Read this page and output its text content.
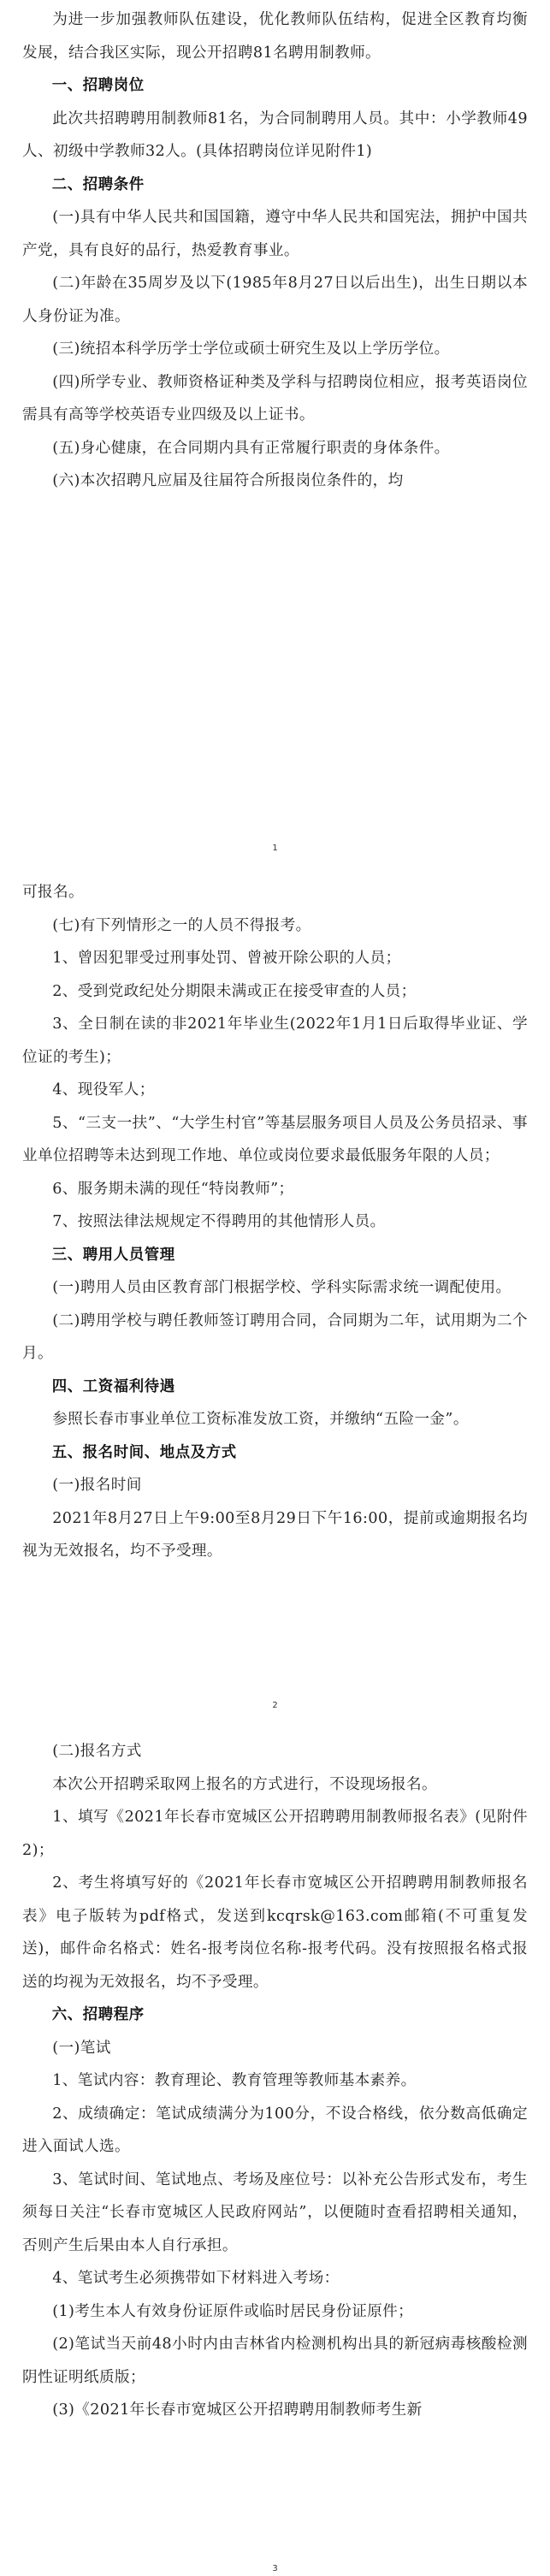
为进一步加强教师队伍建设，优化教师队伍结构，促进全区教育均衡发展，结合我区实际，现公开招聘81名聘用制教师。

一、招聘岗位

此次共招聘聘用制教师81名，为合同制聘用人员。其中：小学教师49人、初级中学教师32人。(具体招聘岗位详见附件1)

二、招聘条件

(一)具有中华人民共和国国籍，遵守中华人民共和国宪法，拥护中国共产党，具有良好的品行，热爱教育事业。

(二)年龄在35周岁及以下(1985年8月27日以后出生)，出生日期以本人身份证为准。

(三)统招本科学历学士学位或硕士研究生及以上学历学位。

(四)所学专业、教师资格证种类及学科与招聘岗位相应，报考英语岗位需具有高等学校英语专业四级及以上证书。

(五)身心健康，在合同期内具有正常履行职责的身体条件。

(六)本次招聘凡应届及往届符合所报岗位条件的，均

1

可报名。

(七)有下列情形之一的人员不得报考。

1、曾因犯罪受过刑事处罚、曾被开除公职的人员；

2、受到党政纪处分期限未满或正在接受审查的人员；

3、全日制在读的非2021年毕业生(2022年1月1日后取得毕业证、学位证的考生)；

4、现役军人；

5、“三支一扶”、“大学生村官”等基层服务项目人员及公务员招录、事业单位招聘等未达到现工作地、单位或岗位要求最低服务年限的人员；

6、服务期未满的现任“特岗教师”；

7、按照法律法规规定不得聘用的其他情形人员。

三、聘用人员管理

(一)聘用人员由区教育部门根据学校、学科实际需求统一调配使用。

(二)聘用学校与聘任教师签订聘用合同，合同期为二年，试用期为二个月。

四、工资福利待遇

参照长春市事业单位工资标准发放工资，并缴纳“五险一金”。

五、报名时间、地点及方式

(一)报名时间

2021年8月27日上午9:00至8月29日下午16:00，提前或逾期报名均视为无效报名，均不予受理。

2

(二)报名方式

本次公开招聘采取网上报名的方式进行，不设现场报名。

1、填写《2021年长春市宽城区公开招聘聘用制教师报名表》(见附件2)；

2、考生将填写好的《2021年长春市宽城区公开招聘聘用制教师报名表》电子版转为pdf格式，发送到kcqrsk@163.com邮箱(不可重复发送)，邮件命名格式：姓名-报考岗位名称-报考代码。没有按照报名格式报送的均视为无效报名，均不予受理。

六、招聘程序

(一)笔试

1、笔试内容：教育理论、教育管理等教师基本素养。

2、成绩确定：笔试成绩满分为100分，不设合格线，依分数高低确定进入面试人选。

3、笔试时间、笔试地点、考场及座位号：以补充公告形式发布，考生须每日关注“长春市宽城区人民政府网站”，以便随时查看招聘相关通知，否则产生后果由本人自行承担。

4、笔试考生必须携带如下材料进入考场：

(1)考生本人有效身份证原件或临时居民身份证原件；

(2)笔试当天前48小时内由吉林省内检测机构出具的新冠病毒核酸检测阴性证明纸质版；

(3)《2021年长春市宽城区公开招聘聘用制教师考生新

3
